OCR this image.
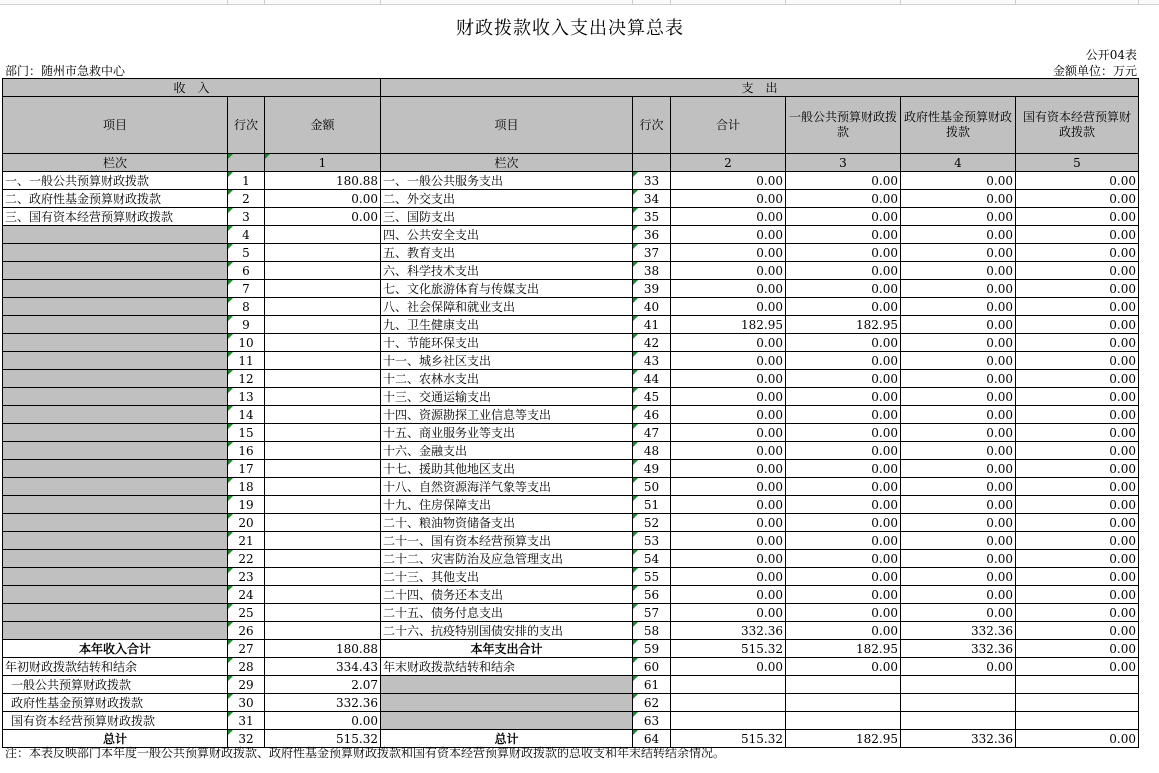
财政拨款收入支出决算总表
公开04表
部门：随州市急救中心	金额单位：万元
收　入			支　出					
项目	行次	金额	项目	行次	合计	一般公共预算财政拨款	政府性基金预算财政拨款	国有资本经营预算财政拨款
栏次		1	栏次		2	3	4	5
一、一般公共预算财政拨款	1	180.88	一、一般公共服务支出	33	0.00	0.00	0.00	0.00
二、政府性基金预算财政拨款	2	0.00	二、外交支出	34	0.00	0.00	0.00	0.00
三、国有资本经营预算财政拨款	3	0.00	三、国防支出	35	0.00	0.00	0.00	0.00
	4		四、公共安全支出	36	0.00	0.00	0.00	0.00
	5		五、教育支出	37	0.00	0.00	0.00	0.00
	6		六、科学技术支出	38	0.00	0.00	0.00	0.00
	7		七、文化旅游体育与传媒支出	39	0.00	0.00	0.00	0.00
	8		八、社会保障和就业支出	40	0.00	0.00	0.00	0.00
	9		九、卫生健康支出	41	182.95	182.95	0.00	0.00
	10		十、节能环保支出	42	0.00	0.00	0.00	0.00
	11		十一、城乡社区支出	43	0.00	0.00	0.00	0.00
	12		十二、农林水支出	44	0.00	0.00	0.00	0.00
	13		十三、交通运输支出	45	0.00	0.00	0.00	0.00
	14		十四、资源勘探工业信息等支出	46	0.00	0.00	0.00	0.00
	15		十五、商业服务业等支出	47	0.00	0.00	0.00	0.00
	16		十六、金融支出	48	0.00	0.00	0.00	0.00
	17		十七、援助其他地区支出	49	0.00	0.00	0.00	0.00
	18		十八、自然资源海洋气象等支出	50	0.00	0.00	0.00	0.00
	19		十九、住房保障支出	51	0.00	0.00	0.00	0.00
	20		二十、粮油物资储备支出	52	0.00	0.00	0.00	0.00
	21		二十一、国有资本经营预算支出	53	0.00	0.00	0.00	0.00
	22		二十二、灾害防治及应急管理支出	54	0.00	0.00	0.00	0.00
	23		二十三、其他支出	55	0.00	0.00	0.00	0.00
	24		二十四、债务还本支出	56	0.00	0.00	0.00	0.00
	25		二十五、债务付息支出	57	0.00	0.00	0.00	0.00
	26		二十六、抗疫特别国债安排的支出	58	332.36	0.00	332.36	0.00
本年收入合计	27	180.88	本年支出合计	59	515.32	182.95	332.36	0.00
年初财政拨款结转和结余	28	334.43	年末财政拨款结转和结余	60	0.00	0.00	0.00	0.00
一般公共预算财政拨款	29	2.07		61				
政府性基金预算财政拨款	30	332.36		62				
国有资本经营预算财政拨款	31	0.00		63				
总计	32	515.32	总计	64	515.32	182.95	332.36	0.00
注：本表反映部门本年度一般公共预算财政拨款、政府性基金预算财政拨款和国有资本经营预算财政拨款的总收支和年末结转结余情况。
